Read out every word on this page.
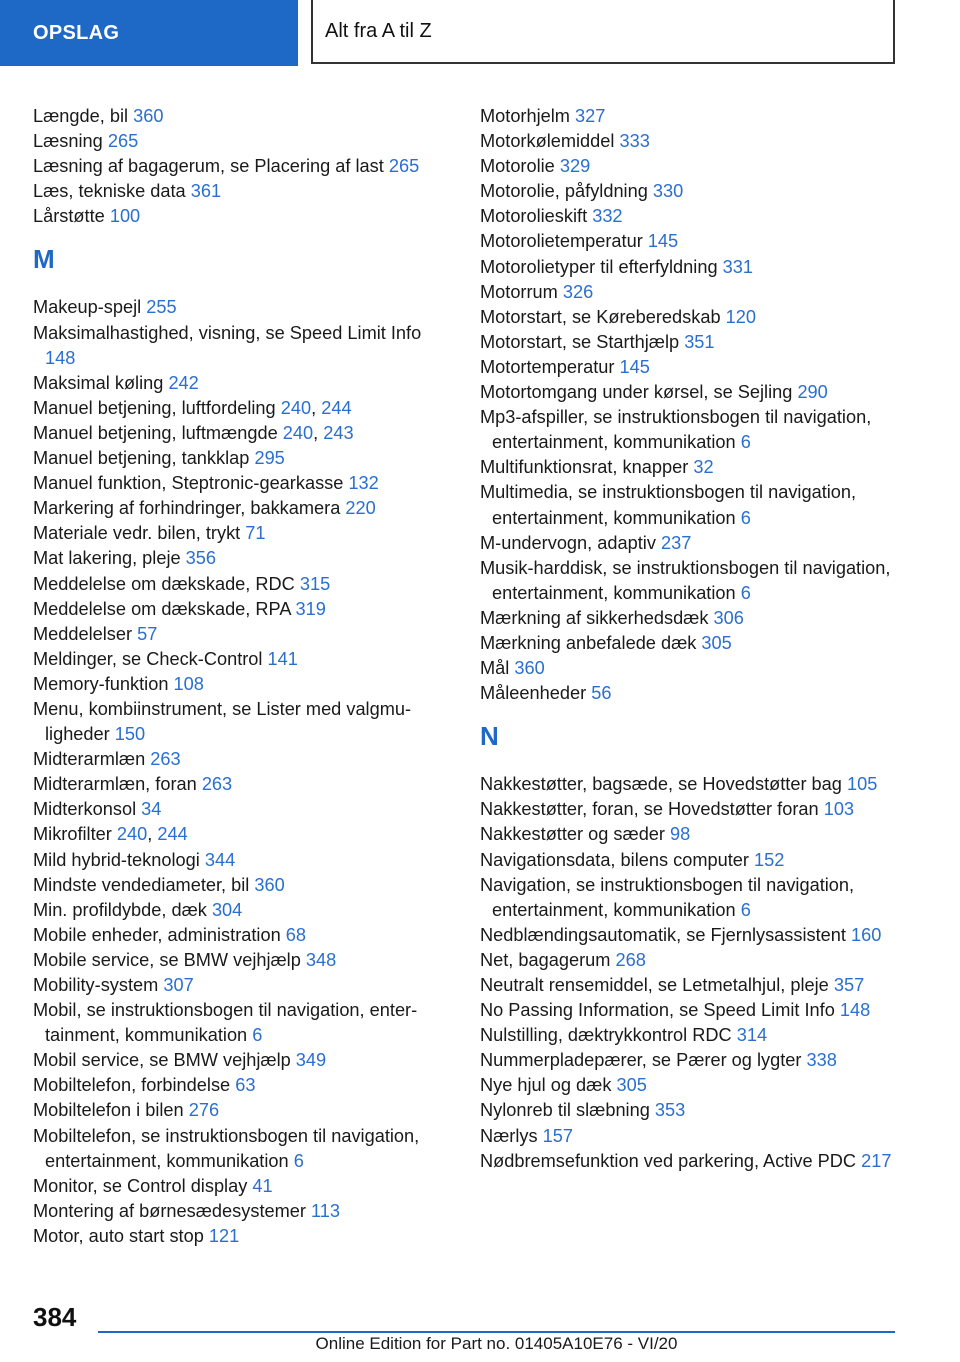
OPSLAG	Alt fra A til Z
Længde, bil 360
Læsning 265
Læsning af bagagerum, se Placering af last 265
Læs, tekniske data 361
Lårstøtte 100
M
Makeup-spejl 255
Maksimalhastighed, visning, se Speed Limit Info 148
Maksimal køling 242
Manuel betjening, luftfordeling 240, 244
Manuel betjening, luftmængde 240, 243
Manuel betjening, tankklap 295
Manuel funktion, Steptronic-gearkasse 132
Markering af forhindringer, bakkamera 220
Materiale vedr. bilen, trykt 71
Mat lakering, pleje 356
Meddelelse om dækskade, RDC 315
Meddelelse om dækskade, RPA 319
Meddelelser 57
Meldinger, se Check-Control 141
Memory-funktion 108
Menu, kombiinstrument, se Lister med valgmuligheder 150
Midterarmlæn 263
Midterarmlæn, foran 263
Midterkonsol 34
Mikrofilter 240, 244
Mild hybrid-teknologi 344
Mindste vendediameter, bil 360
Min. profildybde, dæk 304
Mobile enheder, administration 68
Mobile service, se BMW vejhjælp 348
Mobility-system 307
Mobil, se instruktionsbogen til navigation, entertainment, kommunikation 6
Mobil service, se BMW vejhjælp 349
Mobiltelefon, forbindelse 63
Mobiltelefon i bilen 276
Mobiltelefon, se instruktionsbogen til navigation, entertainment, kommunikation 6
Monitor, se Control display 41
Montering af børnesædesystemer 113
Motor, auto start stop 121
Motorhjelm 327
Motorkølemiddel 333
Motorolie 329
Motorolie, påfyldning 330
Motorolieskift 332
Motorolietemperatur 145
Motorolietyper til efterfyldning 331
Motorrum 326
Motorstart, se Køreberedskab 120
Motorstart, se Starthjælp 351
Motortemperatur 145
Motortomgang under kørsel, se Sejling 290
Mp3-afspiller, se instruktionsbogen til navigation, entertainment, kommunikation 6
Multifunktionsrat, knapper 32
Multimedia, se instruktionsbogen til navigation, entertainment, kommunikation 6
M-undervogn, adaptiv 237
Musik-harddisk, se instruktionsbogen til navigation, entertainment, kommunikation 6
Mærkning af sikkerhedsdæk 306
Mærkning anbefalede dæk 305
Mål 360
Måleenheder 56
N
Nakkestøtter, bagsæde, se Hovedstøtter bag 105
Nakkestøtter, foran, se Hovedstøtter foran 103
Nakkestøtter og sæder 98
Navigationsdata, bilens computer 152
Navigation, se instruktionsbogen til navigation, entertainment, kommunikation 6
Nedblændingsautomatik, se Fjernlysassistent 160
Net, bagagerum 268
Neutralt rensemiddel, se Letmetalhjul, pleje 357
No Passing Information, se Speed Limit Info 148
Nulstilling, dæktrykkontrol RDC 314
Nummerpladepærer, se Pærer og lygter 338
Nye hjul og dæk 305
Nylonreb til slæbning 353
Nærlys 157
Nødbremsefunktion ved parkering, Active PDC 217
384
Online Edition for Part no. 01405A10E76 - VI/20
